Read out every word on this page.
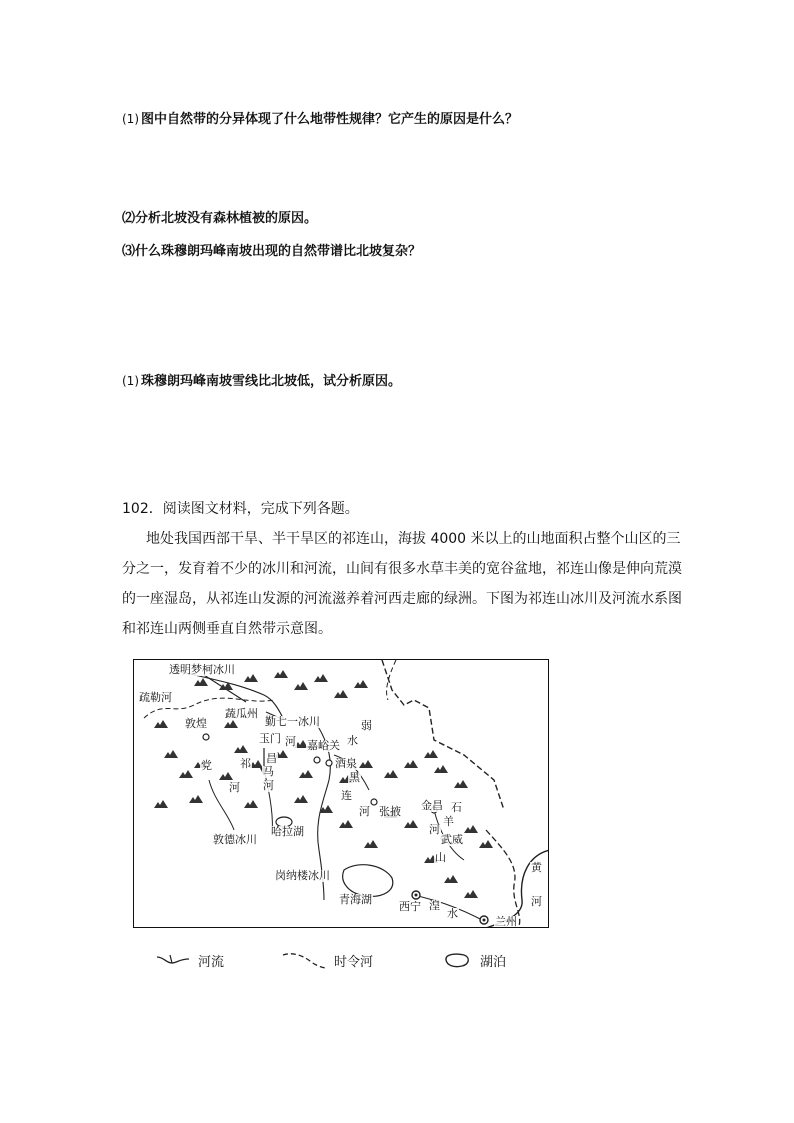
(1) 图中自然带的分异体现了什么地带性规律？它产生的原因是什么？
⑵分析北坡没有森林植被的原因。
⑶什么珠穆朗玛峰南坡出现的自然带谱比北坡复杂？
(1) 珠穆朗玛峰南坡雪线比北坡低，试分析原因。
102．阅读图文材料，完成下列各题。
地处我国西部干旱、半干旱区的祁连山，海拔 4000 米以上的山地面积占整个山区的三分之一，发育着不少的冰川和河流，山间有很多水草丰美的宽谷盆地，祁连山像是伸向荒漠的一座湿岛，从祁连山发源的河流滋养着河西走廊的绿洲。下图为祁连山冰川及河流水系图和祁连山两侧垂直自然带示意图。
透明梦柯冰川
蔬瓜州
勤七一冰川
敦煌
玉门 河 嘉峪关
弱
水
酒泉
党	祁 昌
马	黑
河 河
连
河 张掖 金昌 石
羊
河
武威
敦德冰川
哈拉湖
山
黄
岗纳楼冰川
青海湖
西宁 湟
水
兰州
河
疏勒河
河流	时令河	湖泊
